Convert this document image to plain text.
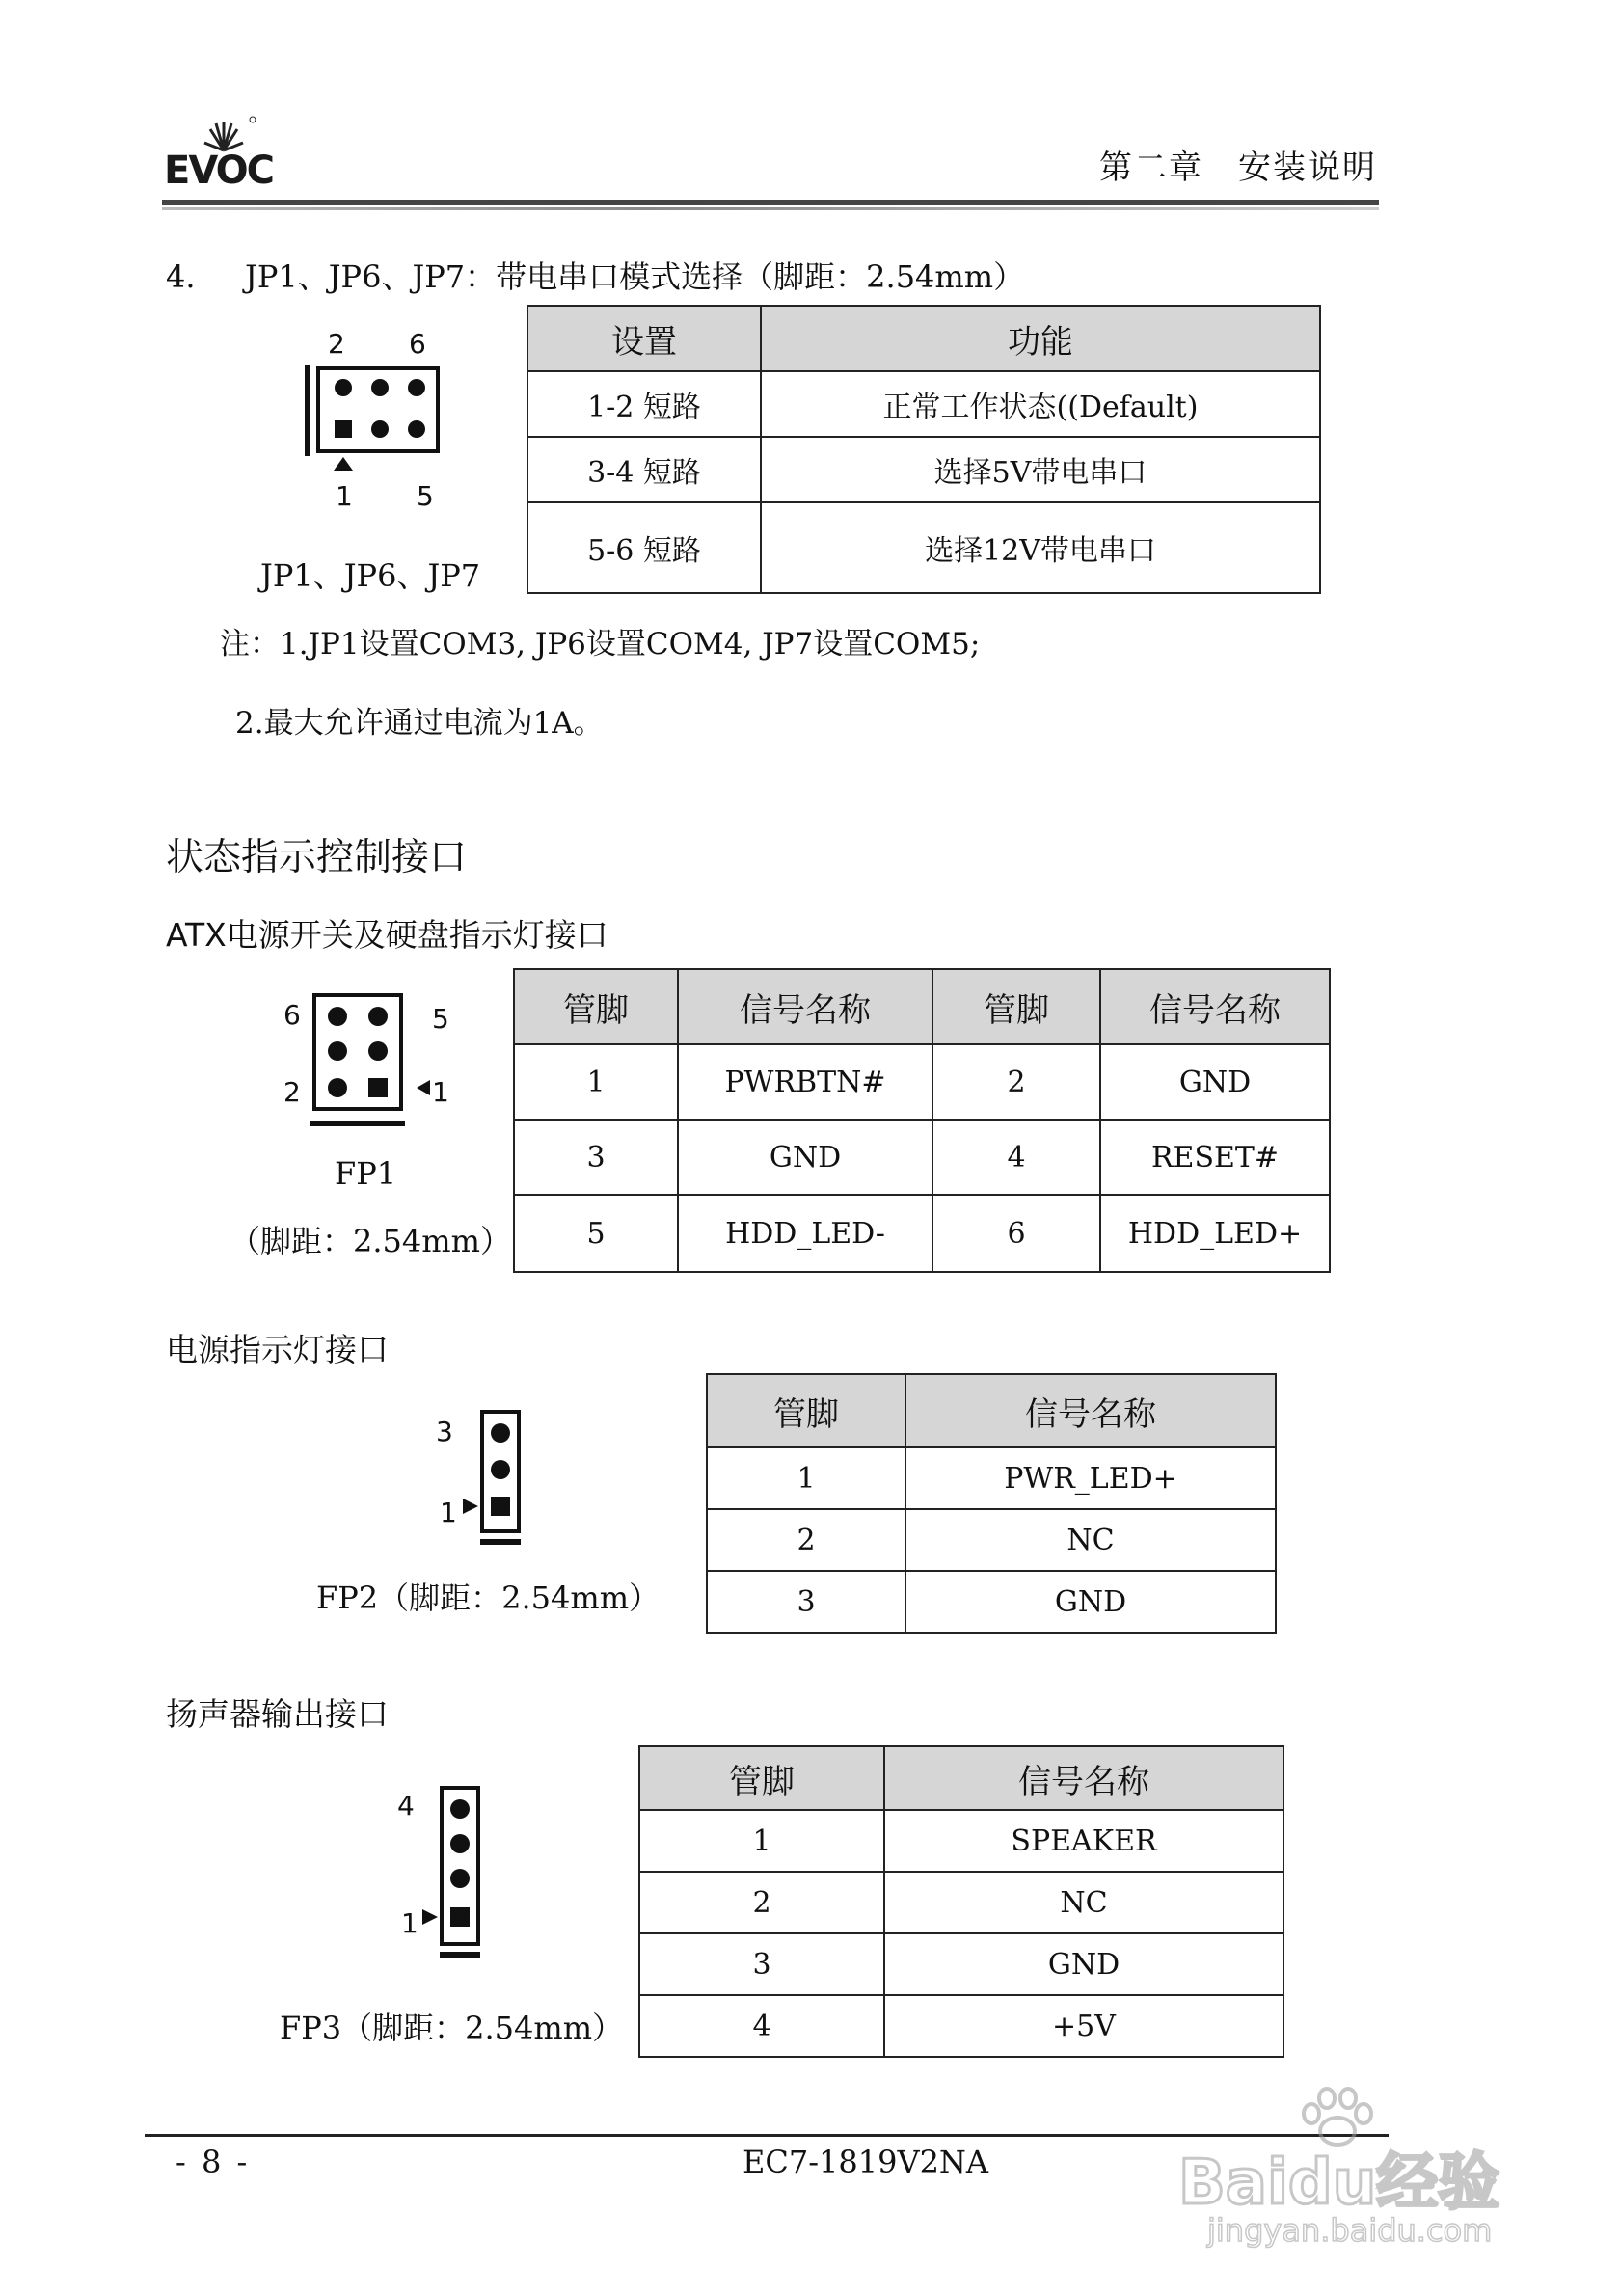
EVOC	第二章　安装说明
4. JP1、JP6、JP7：带电串口模式选择（脚距：2.54mm）
2 6
1 5
JP1、JP6、JP7
设置	功能
1-2 短路	正常工作状态((Default)
3-4 短路	选择5V带电串口
5-6 短路	选择12V带电串口
注：1.JP1设置COM3, JP6设置COM4, JP7设置COM5;
2.最大允许通过电流为1A。
状态指示控制接口
ATX电源开关及硬盘指示灯接口
6
2
5
1
FP1
（脚距：2.54mm）
管脚	信号名称	管脚	信号名称
1	PWRBTN#	2	GND
3	GND	4	RESET#
5	HDD_LED-	6	HDD_LED+
电源指示灯接口
3
1
FP2（脚距：2.54mm）
管脚	信号名称
1	PWR_LED+
2	NC
3	GND
扬声器输出接口
4
1
FP3（脚距：2.54mm）
管脚	信号名称
1	SPEAKER
2	NC
3	GND
4	+5V
- 8 -	EC7-1819V2NA	Baidu经验
jingyan.baidu.com
